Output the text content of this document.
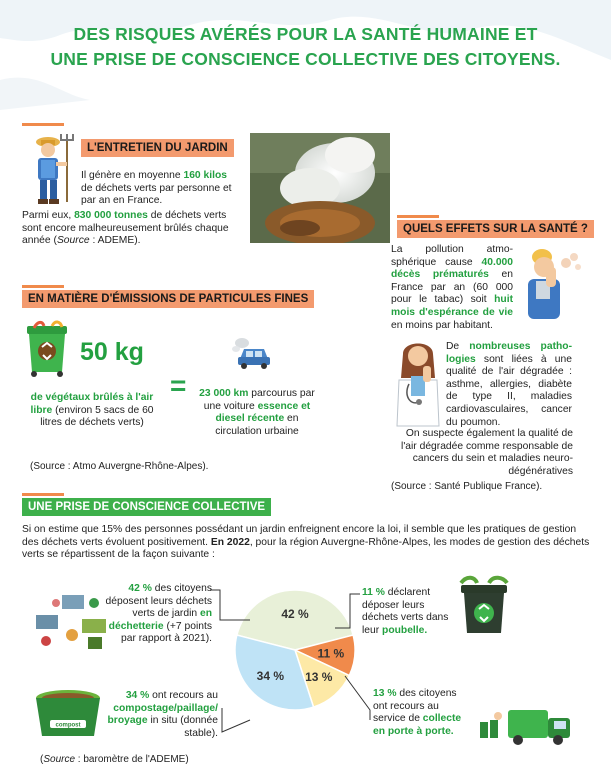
DES RISQUES AVÉRÉS POUR LA SANTÉ HUMAINE ET
UNE PRISE DE CONSCIENCE COLLECTIVE DES CITOYENS.
L'ENTRETIEN DU JARDIN
Il génère en moyenne 160 kilos de déchets verts par personne et par an en France.
Parmi eux, 830 000 tonnes de déchets verts sont encore malheureusement brûlés chaque année (Source : ADEME).
EN MATIÈRE D'ÉMISSIONS DE PARTICULES FINES
50 kg
de végétaux brûlés à l'air libre (environ 5 sacs de 60 litres de déchets verts)
=	23 000 km parcourus par une voiture essence et diesel récente en circulation urbaine
(Source : Atmo Auvergne-Rhône-Alpes).
QUELS EFFETS SUR LA SANTÉ ?
La pollution atmo-sphérique cause 40.000 décès prématurés en France par an (60 000 pour le tabac) soit huit mois d'espérance de vie en moins par habitant.
De nombreuses patho-logies sont liées à une qualité de l'air dégradée : asthme, allergies, diabète de type II, maladies cardiovasculaires, cancer du poumon.
On suspecte également la qualité de l'air dégradée comme responsable de cancers du sein et maladies neuro-dégénératives
(Source : Santé Publique France).
UNE PRISE DE CONSCIENCE COLLECTIVE
Si on estime que 15% des personnes possédant un jardin enfreignent encore la loi, il semble que les pratiques de gestion des déchets verts évoluent positivement. En 2022, pour la région Auvergne-Rhône-Alpes, les modes de gestion des déchets verts se répartissent de la façon suivante :
compost
42 %
11 %
13 %
34 %
42 % des citoyens déposent leurs déchets verts de jardin en déchetterie (+7 points par rapport à 2021).
34 % ont recours au compostage/paillage/ broyage in situ (donnée stable).
11 % déclarent déposer leurs déchets verts dans leur poubelle.
13 % des citoyens ont recours au service de collecte en porte à porte.
(Source : baromètre de l'ADEME)
